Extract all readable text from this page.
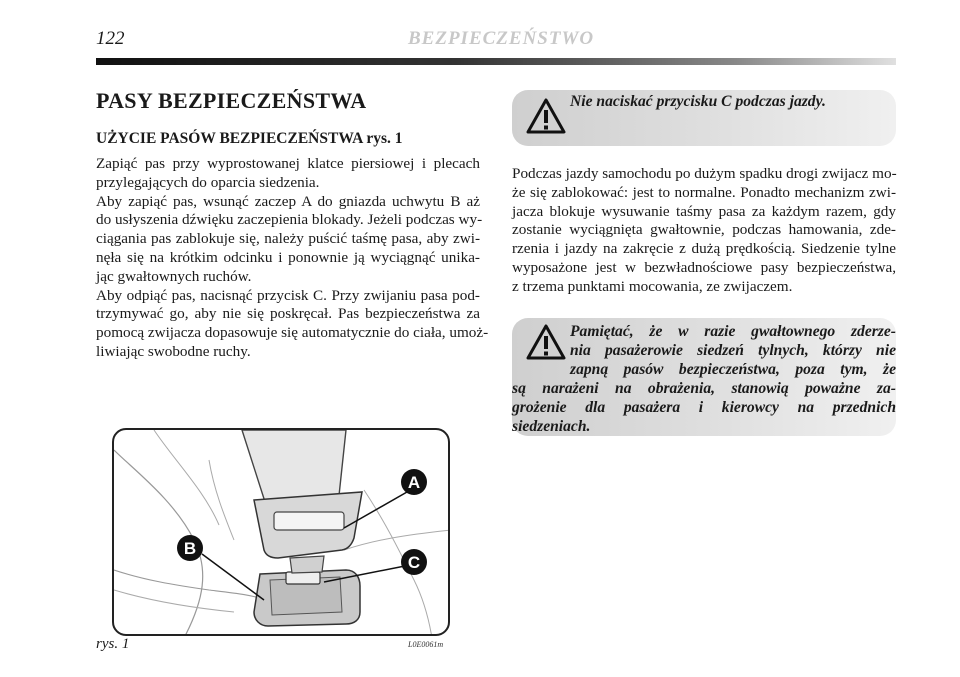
122	BEZPIECZEŃSTWO
PASY BEZPIECZEŃSTWA
UŻYCIE PASÓW BEZPIECZEŃSTWA rys. 1
Zapiąć pas przy wyprostowanej klatce piersiowej i plecach
przylegających do oparcia siedzenia.
Aby zapiąć pas, wsunąć zaczep A do gniazda uchwytu B aż
do usłyszenia dźwięku zaczepienia blokady. Jeżeli podczas wy-
ciągania pas zablokuje się, należy puścić taśmę pasa, aby zwi-
nęła się na krótkim odcinku i ponownie ją wyciągnąć unika-
jąc gwałtownych ruchów.
Aby odpiąć pas, nacisnąć przycisk C. Przy zwijaniu pasa pod-
trzymywać go, aby nie się poskręcał. Pas bezpieczeństwa za
pomocą zwijacza dopasowuje się automatycznie do ciała, umoż-
liwiając swobodne ruchy.
Nie naciskać przycisku C podczas jazdy.
Podczas jazdy samochodu po dużym spadku drogi zwijacz mo-
że się zablokować: jest to normalne. Ponadto mechanizm zwi-
jacza blokuje wysuwanie taśmy pasa za każdym razem, gdy
zostanie wyciągnięta gwałtownie, podczas hamowania, zde-
rzenia i jazdy na zakręcie z dużą prędkością. Siedzenie tylne
wyposażone jest w bezwładnościowe pasy bezpieczeństwa,
z trzema punktami mocowania, ze zwijaczem.
Pamiętać, że w razie gwałtownego zderze-
nia pasażerowie siedzeń tylnych, którzy nie
zapną pasów bezpieczeństwa, poza tym, że
są narażeni na obrażenia, stanowią poważne za-
grożenie dla pasażera i kierowcy na przednich
siedzeniach.
A
B
C
rys. 1	L0E0061m
